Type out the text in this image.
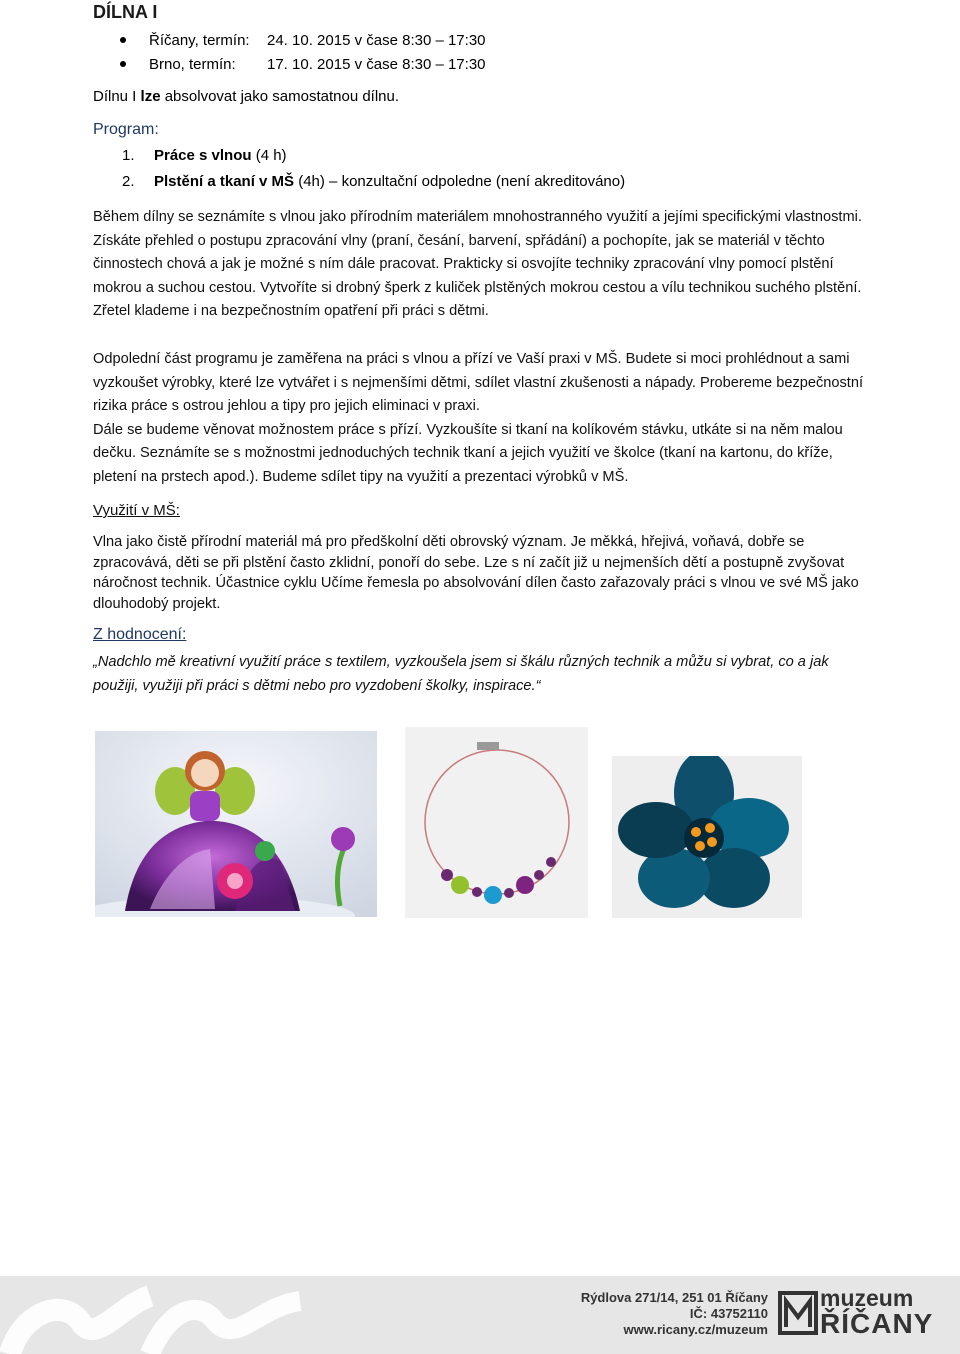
DÍLNA I
Říčany, termín:	24. 10. 2015 v čase 8:30 – 17:30
Brno, termín:	17. 10. 2015 v čase 8:30 – 17:30
Dílnu I lze absolvovat jako samostatnou dílnu.
Program:
1. Práce s vlnou (4 h)
2. Plstění a tkaní v MŠ (4h) – konzultační odpoledne (není akreditováno)

Během dílny se seznámíte s vlnou jako přírodním materiálem mnohostranného využití a jejími specifickými vlastnostmi. Získáte přehled o postupu zpracování vlny (praní, česání, barvení, spřádání) a pochopíte, jak se materiál v těchto činnostech chová a jak je možné s ním dále pracovat. Prakticky si osvojíte techniky zpracování vlny pomocí plstění mokrou a suchou cestou. Vytvoříte si drobný šperk z kuliček plstěných mokrou cestou a vílu technikou suchého plstění. Zřetel klademe i na bezpečnostním opatření při práci s dětmi.

Odpolední část programu je zaměřena na práci s vlnou a přízí ve Vaší praxi v MŠ. Budete si moci prohlédnout a sami vyzkoušet výrobky, které lze vytvářet i s nejmenšími dětmi, sdílet vlastní zkušenosti a nápady. Probereme bezpečnostní rizika práce s ostrou jehlou a tipy pro jejich eliminaci v praxi.

Dále se budeme věnovat možnostem práce s přízí. Vyzkoušíte si tkaní na kolíkovém stávku, utkáte si na něm malou dečku. Seznámíte se s možnostmi jednoduchých technik tkaní a jejich využití ve školce (tkaní na kartonu, do kříže, pletení na prstech apod.). Budeme sdílet tipy na využití a prezentaci výrobků v MŠ.

Využití v MŠ:

Vlna jako čistě přírodní materiál má pro předškolní děti obrovský význam. Je měkká, hřejivá, voňavá, dobře se zpracovává, děti se při plstění často zklidní, ponoří do sebe. Lze s ní začít již u nejmenších dětí a postupně zvyšovat náročnost technik. Účastnice cyklu Učíme řemesla po absolvování dílen často zařazovaly práci s vlnou ve své MŠ jako dlouhodobý projekt.

Z hodnocení:
„Nadchlo mě kreativní využití práce s textilem, vyzkoušela jsem si škálu různých technik a můžu si vybrat, co a jak použiji, využiji při práci s dětmi nebo pro vyzdobení školky, inspirace.“
Rýdlova 271/14, 251 01 Říčany
IČ: 43752110
www.ricany.cz/muzeum
muzeum
ŘÍČANY
